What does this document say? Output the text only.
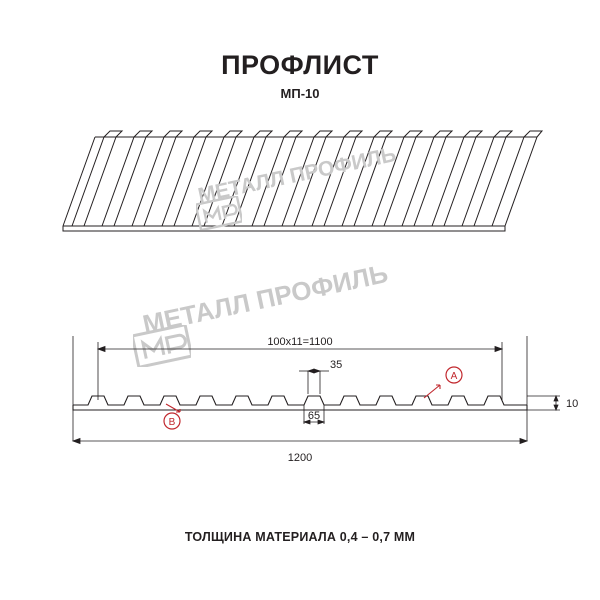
ПРОФЛИСТ
МП-10
МЕТАЛЛ ПРОФИЛЬ
МЕТАЛЛ ПРОФИЛЬ
100x11=1100
35
65
10
1200
A
B
ТОЛЩИНА МАТЕРИАЛА 0,4 – 0,7 ММ
